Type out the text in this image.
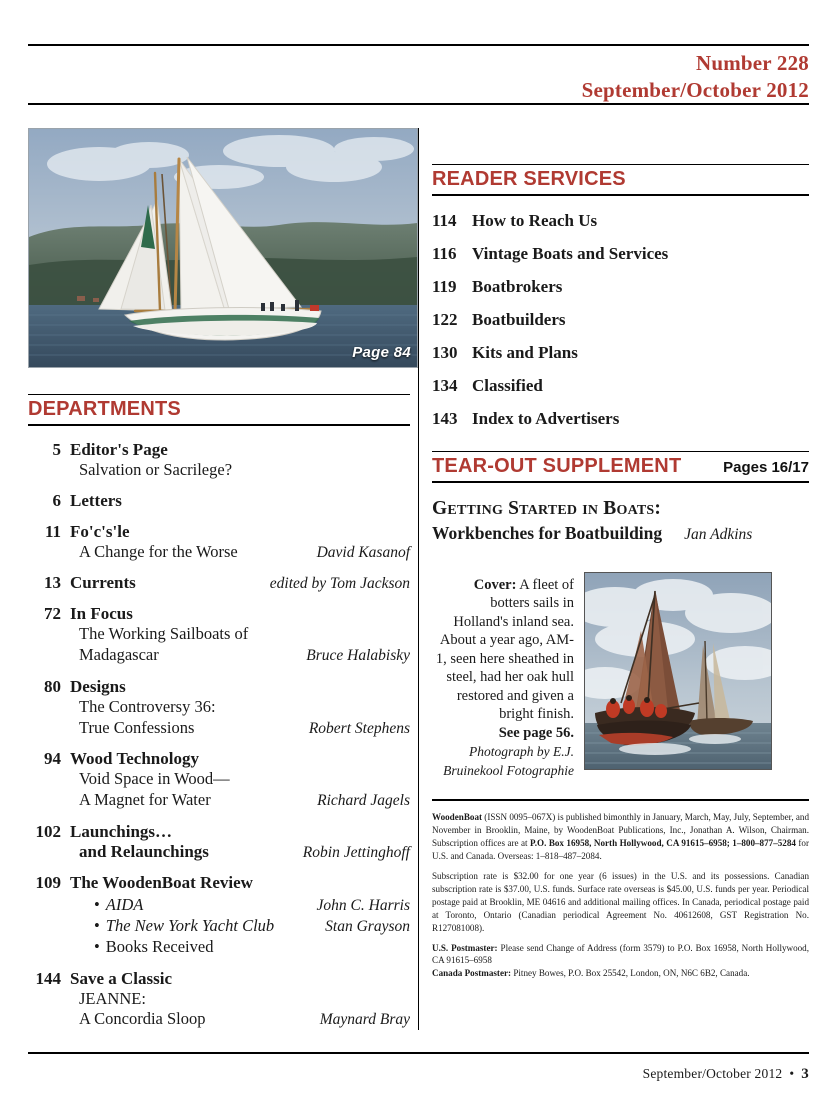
Number 228
September/October 2012
Page 84
DEPARTMENTS
5 Editor's Page
Salvation or Sacrilege?
6 Letters
11 Fo'c's'le
A Change for the Worse	David Kasanof
13 Currents	edited by Tom Jackson
72 In Focus
The Working Sailboats of
Madagascar	Bruce Halabisky
80 Designs
The Controversy 36:
True Confessions	Robert Stephens
94 Wood Technology
Void Space in Wood—
A Magnet for Water	Richard Jagels
102 Launchings…
and Relaunchings	Robin Jettinghoff
109 The WoodenBoat Review
• AIDA	John C. Harris
• The New York Yacht Club	Stan Grayson
• Books Received
144 Save a Classic
JEANNE:
A Concordia Sloop	Maynard Bray
READER SERVICES
114 How to Reach Us
116 Vintage Boats and Services
119 Boatbrokers
122 Boatbuilders
130 Kits and Plans
134 Classified
143 Index to Advertisers
TEAR-OUT SUPPLEMENT	Pages 16/17
Getting Started in Boats:
Workbenches for Boatbuilding Jan Adkins
Cover: A fleet of botters sails in Holland's inland sea. About a year ago, AM-1, seen here sheathed in steel, had her oak hull restored and given a bright finish.
See page 56.
Photograph by E.J.
Bruinekool Fotographie

WoodenBoat (ISSN 0095–067X) is published bimonthly in January, March, May, July, September, and November in Brooklin, Maine, by WoodenBoat Publications, Inc., Jonathan A. Wilson, Chairman. Subscription offices are at P.O. Box 16958, North Hollywood, CA 91615–6958; 1–800–877–5284 for U.S. and Canada. Overseas: 1–818–487–2084.

Subscription rate is $32.00 for one year (6 issues) in the U.S. and its possessions. Canadian subscription rate is $37.00, U.S. funds. Surface rate overseas is $45.00, U.S. funds per year. Periodical postage paid at Brooklin, ME 04616 and additional mailing offices. In Canada, periodical postage paid at Toronto, Ontario (Canadian periodical Agreement No. 40612608, GST Registration No. R127081008).

U.S. Postmaster: Please send Change of Address (form 3579) to P.O. Box 16958, North Hollywood, CA 91615–6958
Canada Postmaster: Pitney Bowes, P.O. Box 25542, London, ON, N6C 6B2, Canada.

September/October 2012 • 3
